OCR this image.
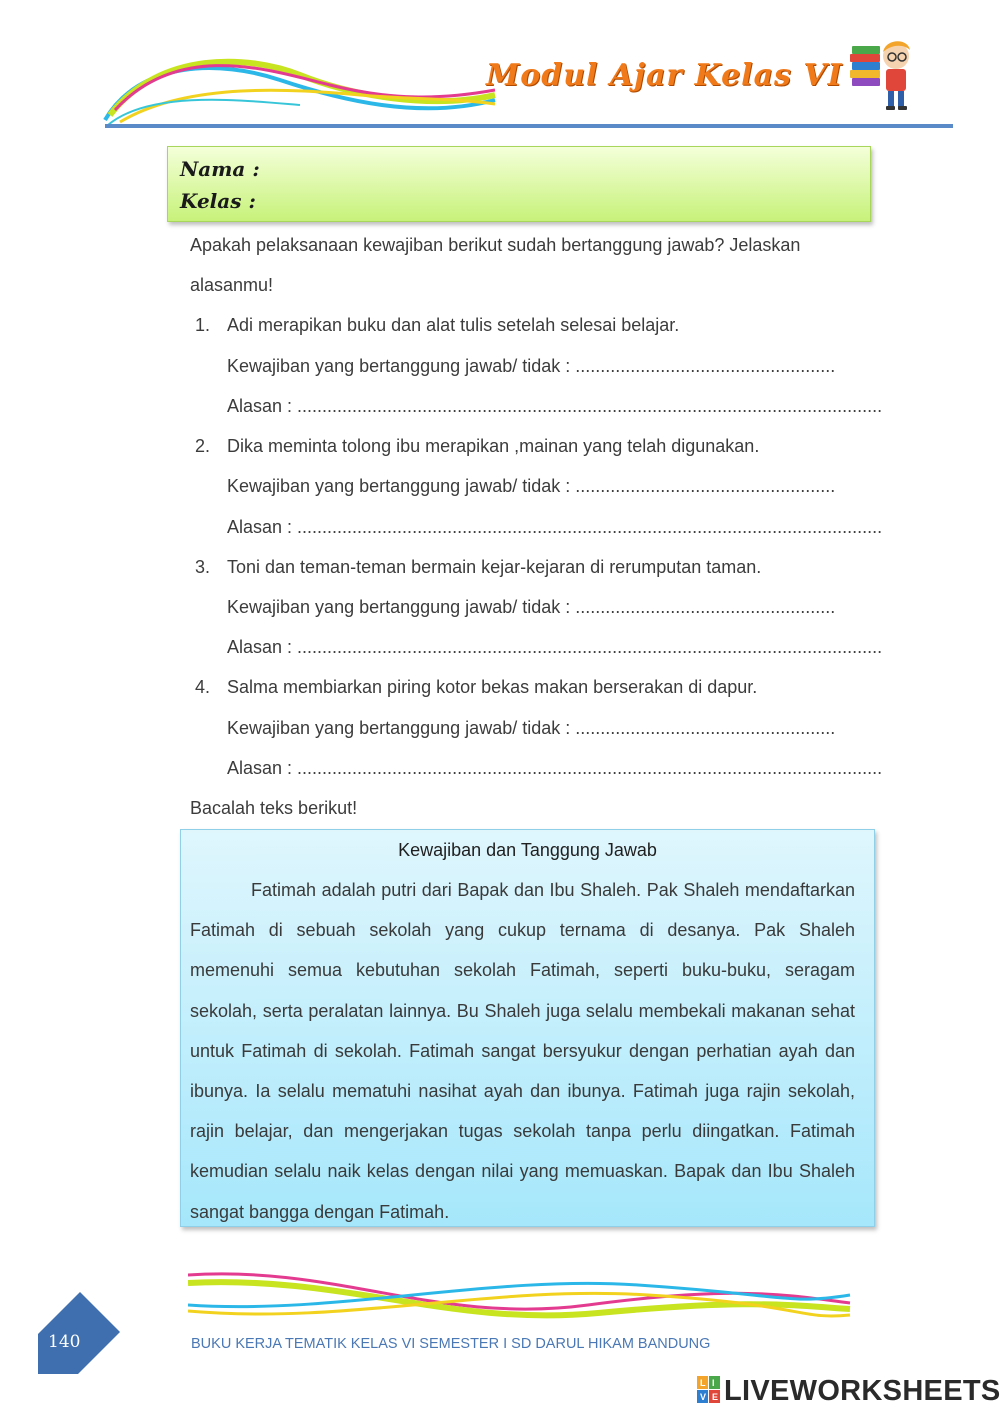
Modul Ajar Kelas VI
Nama :
Kelas :
Apakah pelaksanaan kewajiban berikut sudah bertanggung jawab? Jelaskan
alasanmu!
1. Adi merapikan buku dan alat tulis setelah selesai belajar.
Kewajiban yang bertanggung jawab/ tidak : ....................................................
Alasan : .....................................................................................................................
2. Dika meminta tolong ibu merapikan ,mainan yang telah digunakan.
Kewajiban yang bertanggung jawab/ tidak : ....................................................
Alasan : .....................................................................................................................
3. Toni dan teman-teman bermain kejar-kejaran di rerumputan taman.
Kewajiban yang bertanggung jawab/ tidak : ....................................................
Alasan : .....................................................................................................................
4. Salma membiarkan piring kotor bekas makan berserakan di dapur.
Kewajiban yang bertanggung jawab/ tidak : ....................................................
Alasan : .....................................................................................................................
Bacalah teks berikut!
Kewajiban dan Tanggung Jawab
Fatimah adalah putri dari Bapak dan Ibu Shaleh. Pak Shaleh mendaftarkan Fatimah di sebuah sekolah yang cukup ternama di desanya. Pak Shaleh memenuhi semua kebutuhan sekolah Fatimah, seperti buku-buku, seragam sekolah, serta peralatan lainnya. Bu Shaleh juga selalu membekali makanan sehat untuk Fatimah di sekolah. Fatimah sangat bersyukur dengan perhatian ayah dan ibunya. Ia selalu mematuhi nasihat ayah dan ibunya. Fatimah juga rajin sekolah, rajin belajar, dan mengerjakan tugas sekolah tanpa perlu diingatkan. Fatimah kemudian selalu naik kelas dengan nilai yang memuaskan. Bapak dan Ibu Shaleh sangat bangga dengan Fatimah.
140	BUKU KERJA TEMATIK KELAS VI SEMESTER I SD DARUL HIKAM BANDUNG
L I
V E LIVEWORKSHEETS
